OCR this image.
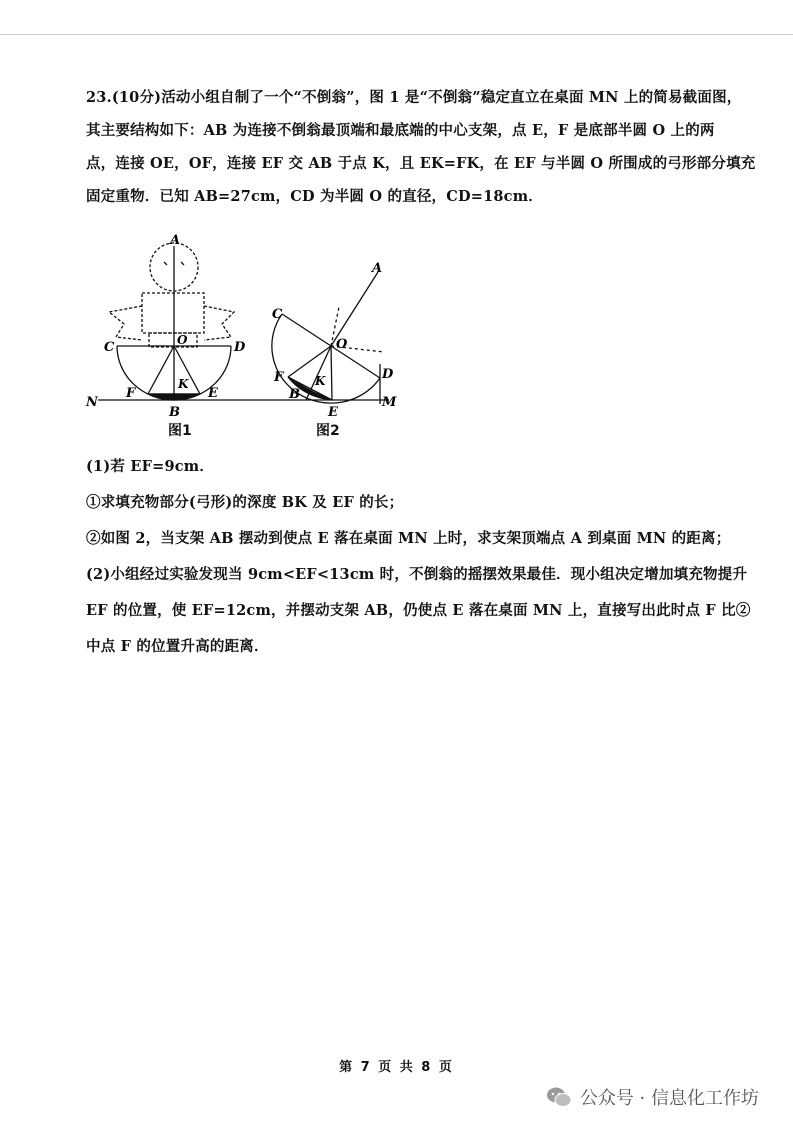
23.(10分)活动小组自制了一个“不倒翁”，图 1 是“不倒翁”稳定直立在桌面 MN 上的简易截面图，

其主要结构如下：AB 为连接不倒翁最顶端和最底端的中心支架，点 E，F 是底部半圆 O 上的两

点，连接 OE，OF，连接 EF 交 AB 于点 K，且 EK=FK，在 EF 与半圆 O 所围成的弓形部分填充

固定重物．已知 AB=27cm，CD 为半圆 O 的直径，CD=18cm．

A
C	D
O
K
N
F
B
E
A
C
O
D
F	K
B
E
M
图1	图2

(1)若 EF=9cm．

①求填充物部分(弓形)的深度 BK 及 EF 的长；

②如图 2，当支架 AB 摆动到使点 E 落在桌面 MN 上时，求支架顶端点 A 到桌面 MN 的距离；

(2)小组经过实验发现当 9cm<EF<13cm 时，不倒翁的摇摆效果最佳．现小组决定增加填充物提升

EF 的位置，使 EF=12cm，并摆动支架 AB，仍使点 E 落在桌面 MN 上，直接写出此时点 F 比②

中点 F 的位置升高的距离．

第 7 页 共 8 页
公众号 · 信息化工作坊
